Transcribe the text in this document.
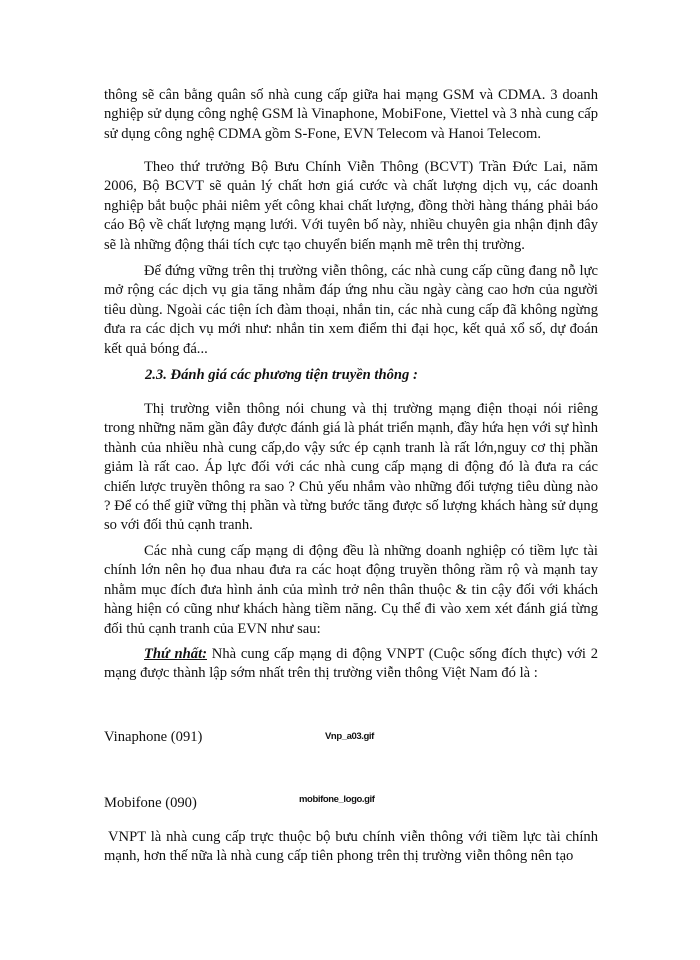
thông sẽ cân bằng quân số nhà cung cấp giữa hai mạng GSM và CDMA. 3 doanh nghiệp sử dụng công nghệ GSM là Vinaphone, MobiFone, Viettel và 3 nhà cung cấp sử dụng công nghệ CDMA gồm S-Fone, EVN Telecom và Hanoi Telecom.

Theo thứ trưởng Bộ Bưu Chính Viễn Thông (BCVT) Trần Đức Lai, năm 2006, Bộ BCVT sẽ quản lý chất hơn giá cước và chất lượng dịch vụ, các doanh nghiệp bắt buộc phải niêm yết công khai chất lượng, đồng thời hàng tháng phải báo cáo Bộ về chất lượng mạng lưới. Với tuyên bố này, nhiều chuyên gia nhận định đây sẽ là những động thái tích cực tạo chuyển biến mạnh mẽ trên thị trường.

Để đứng vững trên thị trường viễn thông, các nhà cung cấp cũng đang nỗ lực mở rộng các dịch vụ gia tăng nhằm đáp ứng nhu cầu ngày càng cao hơn của người tiêu dùng. Ngoài các tiện ích đàm thoại, nhắn tin, các nhà cung cấp đã không ngừng đưa ra các dịch vụ mới như: nhắn tin xem điểm thi đại học, kết quả xổ số, dự đoán kết quả bóng đá...

2.3. Đánh giá các phương tiện truyền thông :

Thị trường viễn thông nói chung và thị trường mạng điện thoại nói riêng trong những năm gần đây được đánh giá là phát triển mạnh, đầy hứa hẹn với sự hình thành của nhiều nhà cung cấp,do vậy sức ép cạnh tranh là rất lớn,nguy cơ thị phần giảm là rất cao. Áp lực đối với các nhà cung cấp mạng di động đó là đưa ra các chiến lược truyền thông ra sao ? Chủ yếu nhắm vào những đối tượng tiêu dùng nào ? Để có thể giữ vững thị phần và từng bước tăng được số lượng khách hàng sử dụng so với đối thủ cạnh tranh.

Các nhà cung cấp mạng di động đều là những doanh nghiệp có tiềm lực tài chính lớn nên họ đua nhau đưa ra các hoạt động truyền thông rầm rộ và mạnh tay nhằm mục đích đưa hình ảnh của mình trở nên thân thuộc & tin cậy đối với khách hàng hiện có cũng như khách hàng tiềm năng. Cụ thể đi vào xem xét đánh giá từng đối thủ cạnh tranh của EVN như sau:

Thứ nhất: Nhà cung cấp mạng di động VNPT (Cuộc sống đích thực) với 2 mạng được thành lập sớm nhất trên thị trường viễn thông Việt Nam đó là :

Vinaphone (091)	Vnp_a03.gif
Mobifone (090)	mobifone_logo.gif

VNPT là nhà cung cấp trực thuộc bộ bưu chính viễn thông với tiềm lực tài chính mạnh, hơn thế nữa là nhà cung cấp tiên phong trên thị trường viễn thông nên tạo
